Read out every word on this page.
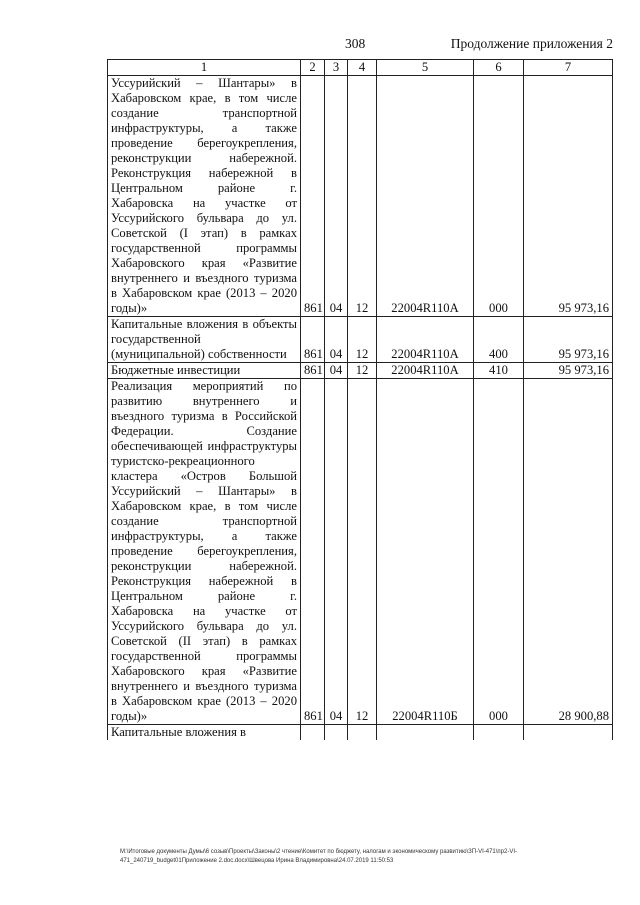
308	Продолжение приложения 2
1	2	3	4	5	6	7
Уссурийский – Шантары» в Хабаровском крае, в том числе создание транспортной инфраструктуры, а также проведение берегоукрепления, реконструкции набережной. Реконструкция набережной в Центральном районе г. Хабаровска на участке от Уссурийского бульвара до ул. Советской (I этап) в рамках государственной программы Хабаровского края «Развитие внутреннего и въездного туризма в Хабаровском крае (2013 – 2020 годы)»	861	04	12	22004R110A	000	95 973,16
Капитальные вложения в объекты государственной (муниципальной) собственности	861	04	12	22004R110A	400	95 973,16
Бюджетные инвестиции	861	04	12	22004R110A	410	95 973,16
Реализация мероприятий по развитию внутреннего и въездного туризма в Российской Федерации. Создание обеспечивающей инфраструктуры туристско-рекреационного кластера «Остров Большой Уссурийский – Шантары» в Хабаровском крае, в том числе создание транспортной инфраструктуры, а также проведение берегоукрепления, реконструкции набережной. Реконструкция набережной в Центральном районе г. Хабаровска на участке от Уссурийского бульвара до ул. Советской (II этап) в рамках государственной программы Хабаровского края «Развитие внутреннего и въездного туризма в Хабаровском крае (2013 – 2020 годы)»	861	04	12	22004R110Б	000	28 900,88
Капитальные вложения в						
М:\Итоговые документы Думы\6 созыв\Проекты\Законы\2 чтение\Комитет по бюджету, налогам и экономическому развитию\ЗП-VI-471\пр2-VI-
471_240719_budget01Приложение 2.doc.docx\Швецова Ирина Владимировна\24.07.2019 11:50:53
